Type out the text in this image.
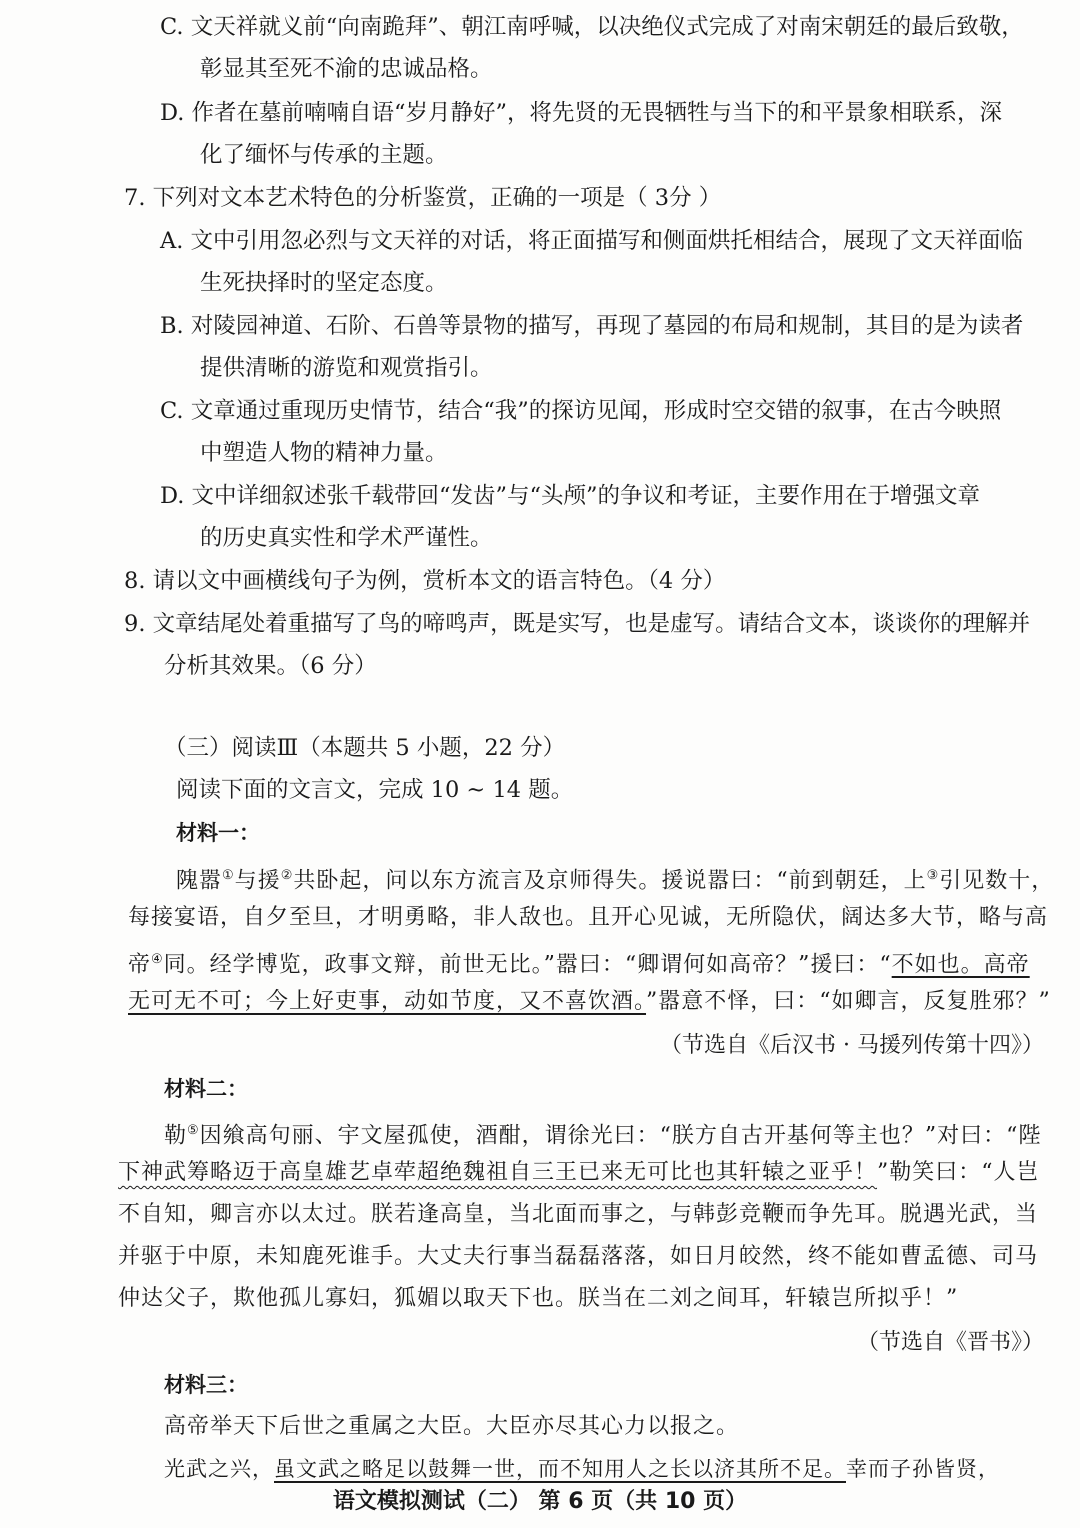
C. 文天祥就义前“向南跪拜”、朝江南呼喊，以决绝仪式完成了对南宋朝廷的最后致敬，
彰显其至死不渝的忠诚品格。
D. 作者在墓前喃喃自语“岁月静好”，将先贤的无畏牺牲与当下的和平景象相联系，深
化了缅怀与传承的主题。
7. 下列对文本艺术特色的分析鉴赏，正确的一项是（ 3分 ）
A. 文中引用忽必烈与文天祥的对话，将正面描写和侧面烘托相结合，展现了文天祥面临
生死抉择时的坚定态度。
B. 对陵园神道、石阶、石兽等景物的描写，再现了墓园的布局和规制，其目的是为读者
提供清晰的游览和观赏指引。
C. 文章通过重现历史情节，结合“我”的探访见闻，形成时空交错的叙事，在古今映照
中塑造人物的精神力量。
D. 文中详细叙述张千载带回“发齿”与“头颅”的争议和考证，主要作用在于增强文章
的历史真实性和学术严谨性。
8. 请以文中画横线句子为例，赏析本文的语言特色。（4 分）
9. 文章结尾处着重描写了鸟的啼鸣声，既是实写，也是虚写。请结合文本，谈谈你的理解并
分析其效果。（6 分）
（三）阅读Ⅲ（本题共 5 小题，22 分）
阅读下面的文言文，完成 10 ~ 14 题。
材料一：
隗嚣①与援②共卧起，问以东方流言及京师得失。援说嚣曰：“前到朝廷，上③引见数十，
每接宴语，自夕至旦，才明勇略，非人敌也。且开心见诚，无所隐伏，阔达多大节，略与高
帝④同。经学博览，政事文辩，前世无比。”嚣曰：“卿谓何如高帝？”援曰：“不如也。高帝
无可无不可；今上好吏事，动如节度，又不喜饮酒。”嚣意不怿，曰：“如卿言，反复胜邪？”
（节选自《后汉书 · 马援列传第十四》）
材料二：
勒⑤因飨高句丽、宇文屋孤使，酒酣，谓徐光曰：“朕方自古开基何等主也？”对曰：“陛
下神武筹略迈于高皇雄艺卓荦超绝魏祖自三王已来无可比也其轩辕之亚乎！”勒笑曰：“人岂
不自知，卿言亦以太过。朕若逢高皇，当北面而事之，与韩彭竞鞭而争先耳。脱遇光武，当
并驱于中原，未知鹿死谁手。大丈夫行事当磊磊落落，如日月皎然，终不能如曹孟德、司马
仲达父子，欺他孤儿寡妇，狐媚以取天下也。朕当在二刘之间耳，轩辕岂所拟乎！”
（节选自《晋书》）
材料三：
高帝举天下后世之重属之大臣。大臣亦尽其心力以报之。
光武之兴，虽文武之略足以鼓舞一世，而不知用人之长以济其所不足。幸而子孙皆贤，
语文模拟测试（二） 第 6 页（共 10 页）
